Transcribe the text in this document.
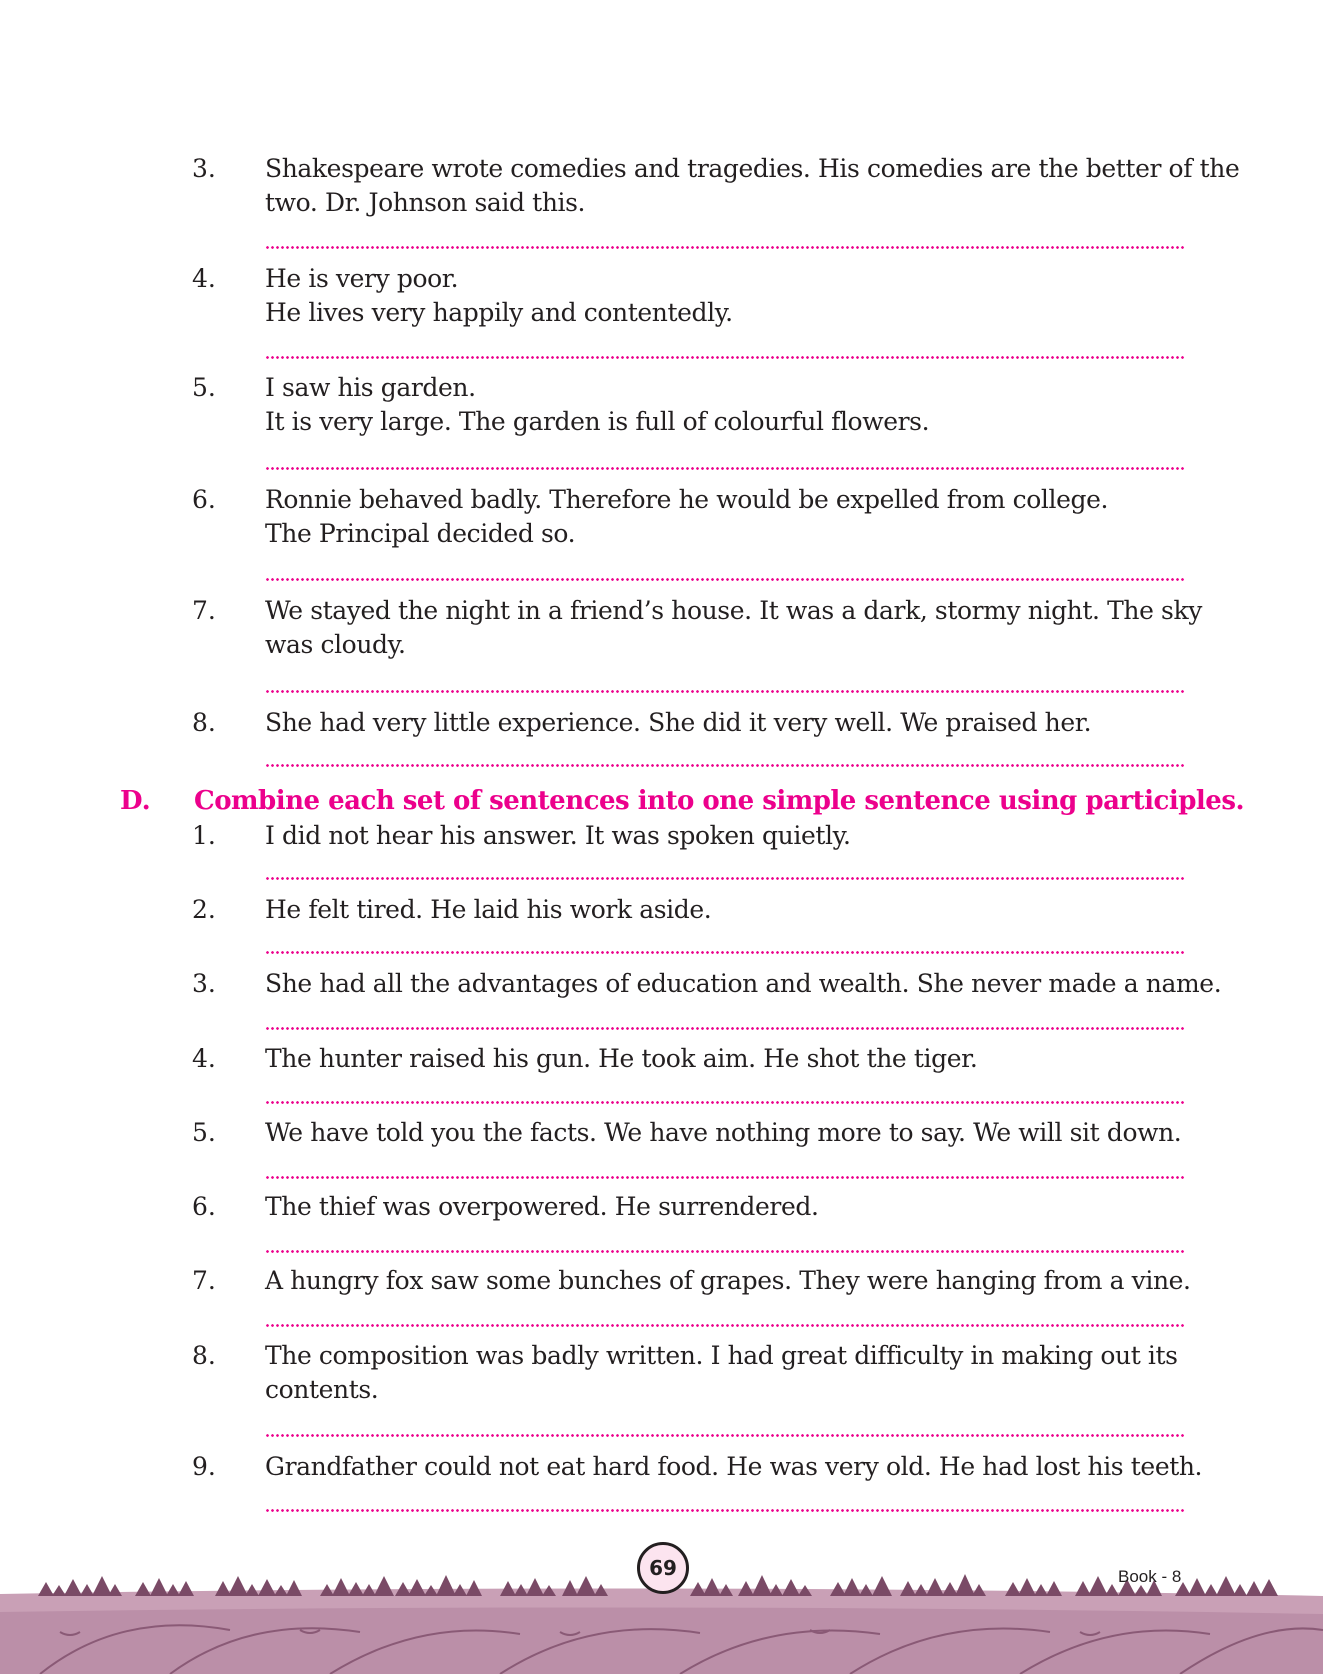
3. Shakespeare wrote comedies and tragedies. His comedies are the better of the
two. Dr. Johnson said this.
4. He is very poor.
He lives very happily and contentedly.
5. I saw his garden.
It is very large. The garden is full of colourful flowers.
6. Ronnie behaved badly. Therefore he would be expelled from college.
The Principal decided so.
7. We stayed the night in a friend’s house. It was a dark, stormy night. The sky
was cloudy.
8. She had very little experience. She did it very well. We praised her.
D. Combine each set of sentences into one simple sentence using participles.
1. I did not hear his answer. It was spoken quietly.
2. He felt tired. He laid his work aside.
3. She had all the advantages of education and wealth. She never made a name.
4. The hunter raised his gun. He took aim. He shot the tiger.
5. We have told you the facts. We have nothing more to say. We will sit down.
6. The thief was overpowered. He surrendered.
7. A hungry fox saw some bunches of grapes. They were hanging from a vine.
8. The composition was badly written. I had great difficulty in making out its
contents.
9. Grandfather could not eat hard food. He was very old. He had lost his teeth.
69	Book - 8
